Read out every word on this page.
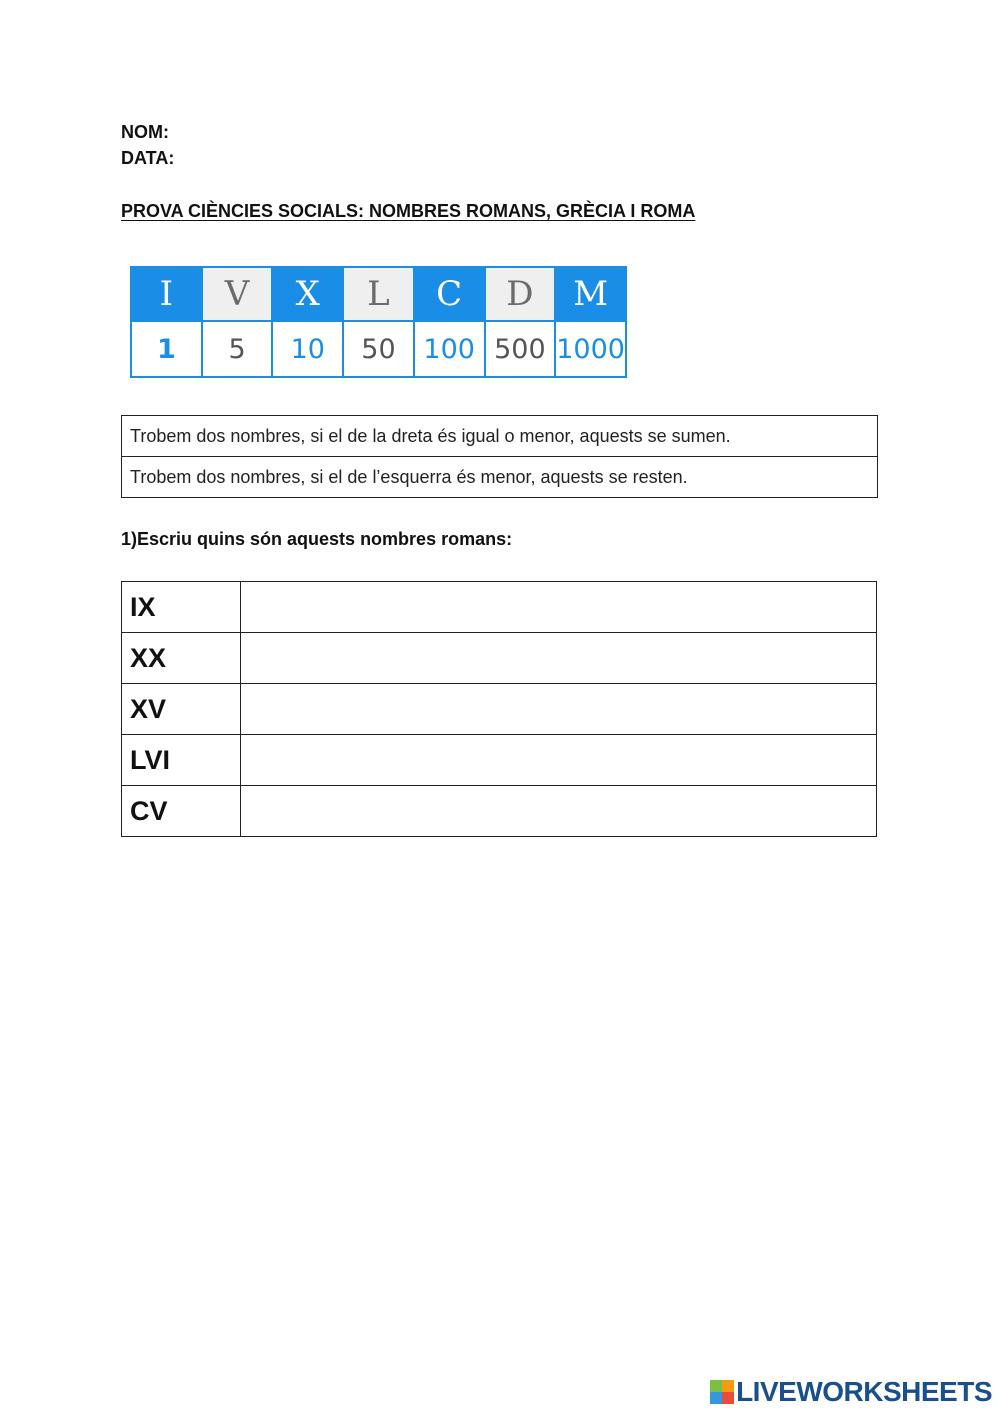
NOM:
DATA:
PROVA CIÈNCIES SOCIALS: NOMBRES ROMANS, GRÈCIA I ROMA
I	V	X	L	C	D	M
1	5	10	50	100	500	1000
Trobem dos nombres, si el de la dreta és igual o menor, aquests se sumen.
Trobem dos nombres, si el de l’esquerra és menor, aquests se resten.
1)Escriu quins són aquests nombres romans:
IX	
XX	
XV	
LVI	
CV	
LIVEWORKSHEETS
